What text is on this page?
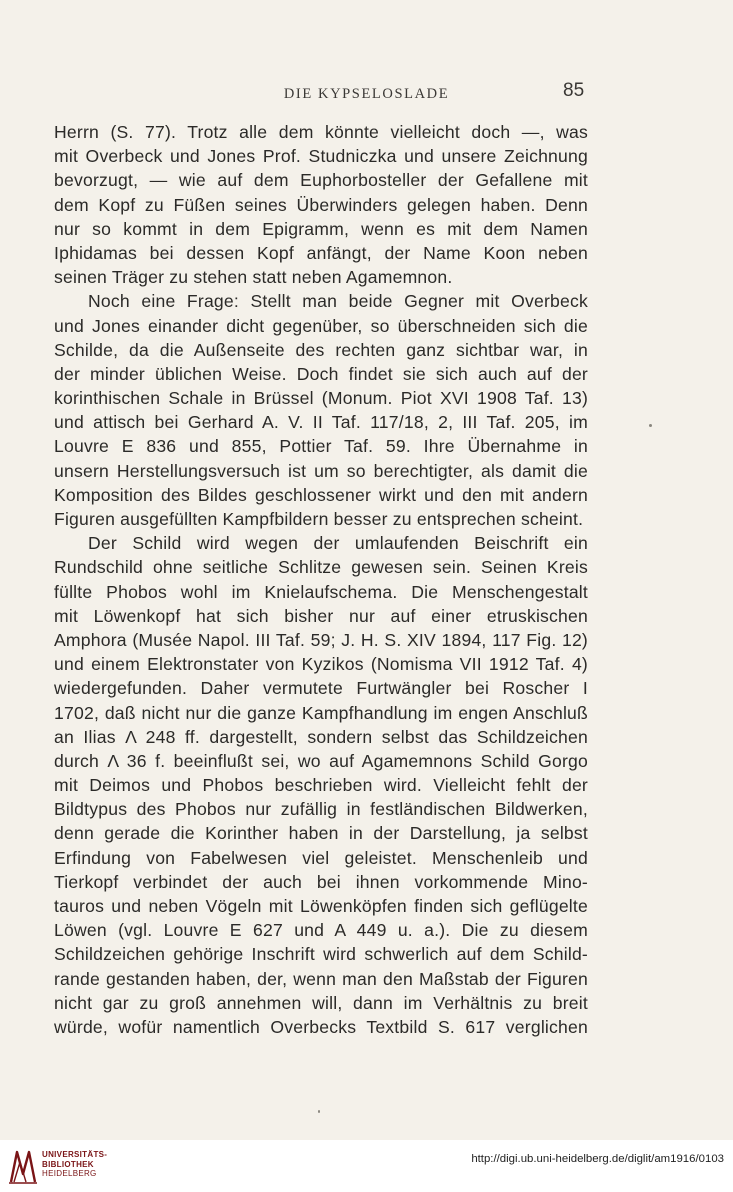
DIE KYPSELOSLADE	85
Herrn (S. 77). Trotz alle dem könnte vielleicht doch —, was
mit Overbeck und Jones Prof. Studniczka und unsere Zeichnung
bevorzugt, — wie auf dem Euphorbosteller der Gefallene mit
dem Kopf zu Füßen seines Überwinders gelegen haben. Denn
nur so kommt in dem Epigramm, wenn es mit dem Namen
Iphidamas bei dessen Kopf anfängt, der Name Koon neben
seinen Träger zu stehen statt neben Agamemnon.
Noch eine Frage: Stellt man beide Gegner mit Overbeck
und Jones einander dicht gegenüber, so überschneiden sich die
Schilde, da die Außenseite des rechten ganz sichtbar war, in
der minder üblichen Weise. Doch findet sie sich auch auf der
korinthischen Schale in Brüssel (Monum. Piot XVI 1908 Taf. 13)
und attisch bei Gerhard A. V. II Taf. 117/18, 2, III Taf. 205, im
Louvre E 836 und 855, Pottier Taf. 59. Ihre Übernahme in
unsern Herstellungsversuch ist um so berechtigter, als damit die
Komposition des Bildes geschlossener wirkt und den mit andern
Figuren ausgefüllten Kampfbildern besser zu entsprechen scheint.
Der Schild wird wegen der umlaufenden Beischrift ein
Rundschild ohne seitliche Schlitze gewesen sein. Seinen Kreis
füllte Phobos wohl im Knielaufschema. Die Menschengestalt
mit Löwenkopf hat sich bisher nur auf einer etruskischen
Amphora (Musée Napol. III Taf. 59; J. H. S. XIV 1894, 117 Fig. 12)
und einem Elektronstater von Kyzikos (Nomisma VII 1912 Taf. 4)
wiedergefunden. Daher vermutete Furtwängler bei Roscher I
1702, daß nicht nur die ganze Kampfhandlung im engen Anschluß
an Ilias Λ 248 ff. dargestellt, sondern selbst das Schildzeichen
durch Λ 36 f. beeinflußt sei, wo auf Agamemnons Schild Gorgo
mit Deimos und Phobos beschrieben wird. Vielleicht fehlt der
Bildtypus des Phobos nur zufällig in festländischen Bildwerken,
denn gerade die Korinther haben in der Darstellung, ja selbst
Erfindung von Fabelwesen viel geleistet. Menschenleib und
Tierkopf verbindet der auch bei ihnen vorkommende Mino-
tauros und neben Vögeln mit Löwenköpfen finden sich geflügelte
Löwen (vgl. Louvre E 627 und A 449 u. a.). Die zu diesem
Schildzeichen gehörige Inschrift wird schwerlich auf dem Schild-
rande gestanden haben, der, wenn man den Maßstab der Figuren
nicht gar zu groß annehmen will, dann im Verhältnis zu breit
würde, wofür namentlich Overbecks Textbild S. 617 verglichen
UNIVERSITÄTS-
BIBLIOTHEK
HEIDELBERG
http://digi.ub.uni-heidelberg.de/diglit/am1916/0103
